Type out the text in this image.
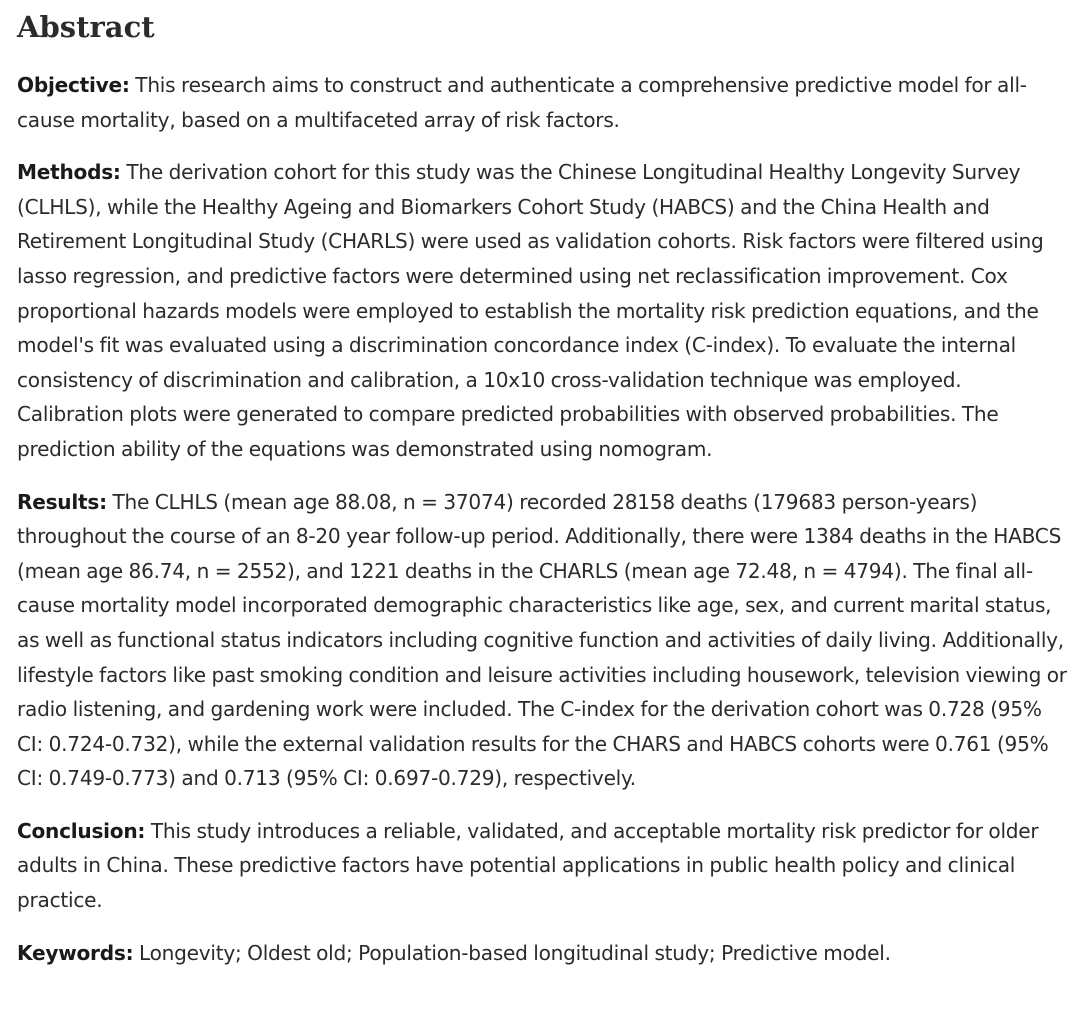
Abstract

Objective: This research aims to construct and authenticate a comprehensive predictive model for all-cause mortality, based on a multifaceted array of risk factors.

Methods: The derivation cohort for this study was the Chinese Longitudinal Healthy Longevity Survey (CLHLS), while the Healthy Ageing and Biomarkers Cohort Study (HABCS) and the China Health and Retirement Longitudinal Study (CHARLS) were used as validation cohorts. Risk factors were filtered using lasso regression, and predictive factors were determined using net reclassification improvement. Cox proportional hazards models were employed to establish the mortality risk prediction equations, and the model's fit was evaluated using a discrimination concordance index (C-index). To evaluate the internal consistency of discrimination and calibration, a 10x10 cross-validation technique was employed. Calibration plots were generated to compare predicted probabilities with observed probabilities. The prediction ability of the equations was demonstrated using nomogram.

Results: The CLHLS (mean age 88.08, n = 37074) recorded 28158 deaths (179683 person-years) throughout the course of an 8-20 year follow-up period. Additionally, there were 1384 deaths in the HABCS (mean age 86.74, n = 2552), and 1221 deaths in the CHARLS (mean age 72.48, n = 4794). The final all-cause mortality model incorporated demographic characteristics like age, sex, and current marital status, as well as functional status indicators including cognitive function and activities of daily living. Additionally, lifestyle factors like past smoking condition and leisure activities including housework, television viewing or radio listening, and gardening work were included. The C-index for the derivation cohort was 0.728 (95% CI: 0.724-0.732), while the external validation results for the CHARS and HABCS cohorts were 0.761 (95% CI: 0.749-0.773) and 0.713 (95% CI: 0.697-0.729), respectively.

Conclusion: This study introduces a reliable, validated, and acceptable mortality risk predictor for older adults in China. These predictive factors have potential applications in public health policy and clinical practice.

Keywords: Longevity; Oldest old; Population-based longitudinal study; Predictive model.
